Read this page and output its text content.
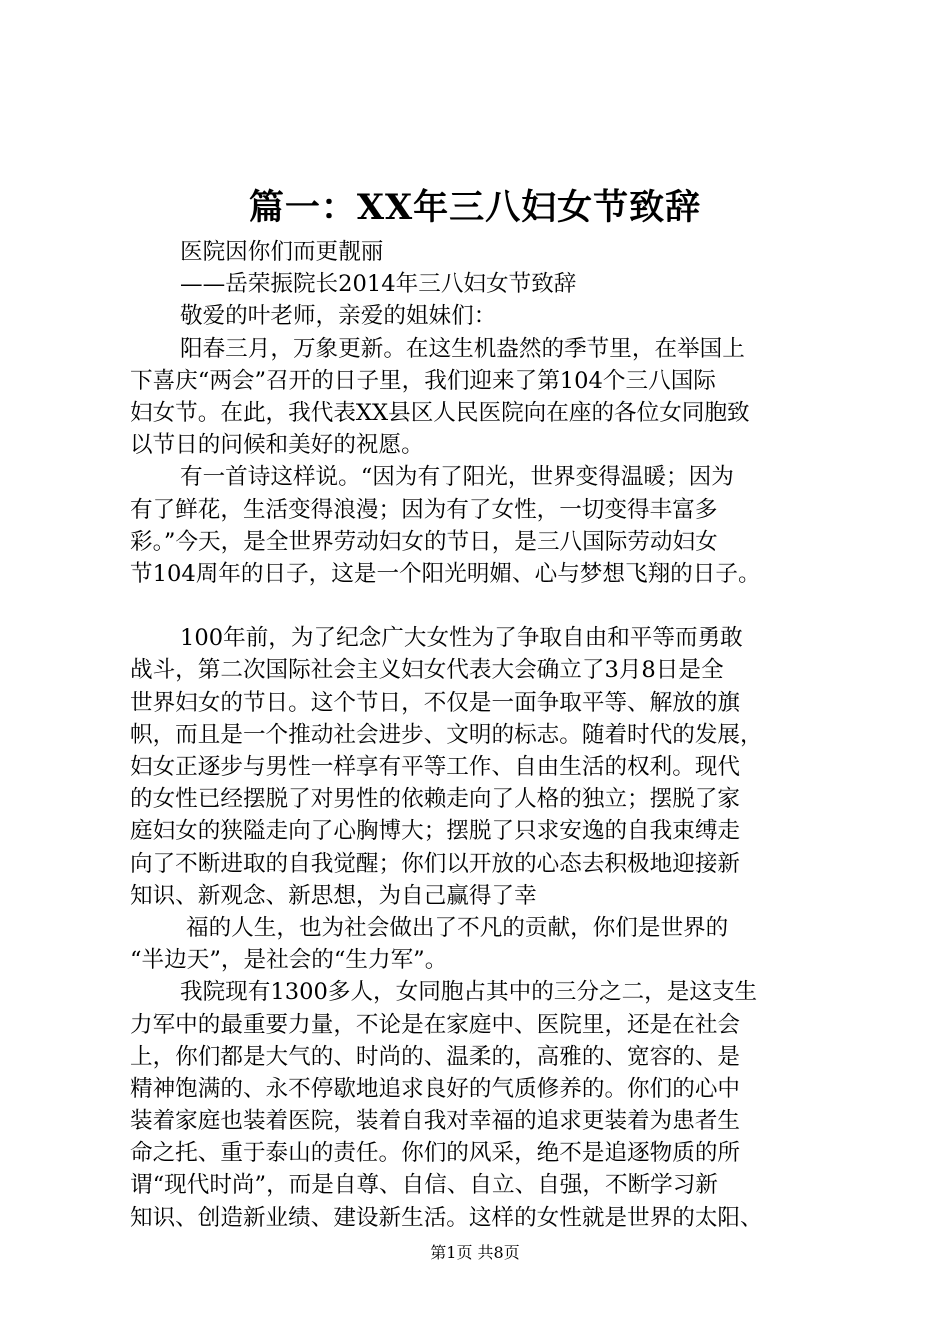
篇一：XX年三八妇女节致辞
医院因你们而更靓丽
——岳荣振院长2014年三八妇女节致辞
敬爱的叶老师，亲爱的姐妹们：
阳春三月，万象更新。在这生机盎然的季节里，在举国上
下喜庆“两会”召开的日子里，我们迎来了第104个三八国际
妇女节。在此，我代表XX县区人民医院向在座的各位女同胞致
以节日的问候和美好的祝愿。
有一首诗这样说。“因为有了阳光，世界变得温暖；因为
有了鲜花，生活变得浪漫；因为有了女性，一切变得丰富多
彩。”今天，是全世界劳动妇女的节日，是三八国际劳动妇女
节104周年的日子，这是一个阳光明媚、心与梦想飞翔的日子。
100年前，为了纪念广大女性为了争取自由和平等而勇敢
战斗，第二次国际社会主义妇女代表大会确立了3月8日是全
世界妇女的节日。这个节日，不仅是一面争取平等、解放的旗
帜，而且是一个推动社会进步、文明的标志。随着时代的发展，
妇女正逐步与男性一样享有平等工作、自由生活的权利。现代
的女性已经摆脱了对男性的依赖走向了人格的独立；摆脱了家
庭妇女的狭隘走向了心胸博大；摆脱了只求安逸的自我束缚走
向了不断进取的自我觉醒；你们以开放的心态去积极地迎接新
知识、新观念、新思想，为自己赢得了幸
福的人生，也为社会做出了不凡的贡献，你们是世界的
“半边天”，是社会的“生力军”。
我院现有1300多人，女同胞占其中的三分之二，是这支生
力军中的最重要力量，不论是在家庭中、医院里，还是在社会
上，你们都是大气的、时尚的、温柔的，高雅的、宽容的、是
精神饱满的、永不停歇地追求良好的气质修养的。你们的心中
装着家庭也装着医院，装着自我对幸福的追求更装着为患者生
命之托、重于泰山的责任。你们的风采，绝不是追逐物质的所
谓“现代时尚”，而是自尊、自信、自立、自强，不断学习新
知识、创造新业绩、建设新生活。这样的女性就是世界的太阳、
第1页 共8页
